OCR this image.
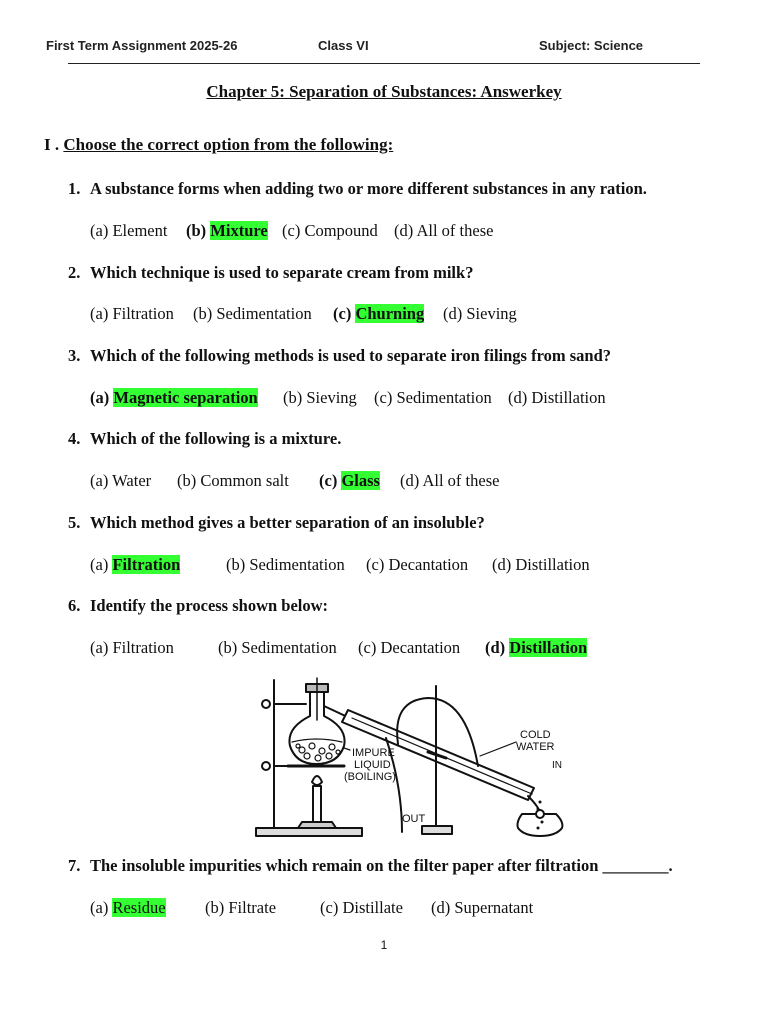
First Term Assignment 2025-26	Class VI	Subject: Science
Chapter 5: Separation of Substances: Answerkey
I . Choose the correct option from the following:
1. A substance forms when adding two or more different substances in any ration.
(a) Element (b) Mixture (c) Compound (d) All of these
2. Which technique is used to separate cream from milk?
(a) Filtration (b) Sedimentation (c) Churning (d) Sieving
3. Which of the following methods is used to separate iron filings from sand?
(a) Magnetic separation (b) Sieving (c) Sedimentation (d) Distillation
4. Which of the following is a mixture.
(a) Water (b) Common salt (c) Glass (d) All of these
5. Which method gives a better separation of an insoluble?
(a) Filtration	(b) Sedimentation (c) Decantation (d) Distillation
6. Identify the process shown below:
(a) Filtration	(b) Sedimentation (c) Decantation (d) Distillation
IMPURE
LIQUID
(BOILING)
COLD
WATER
IN
OUT
7. The insoluble impurities which remain on the filter paper after filtration ________.
(a) Residue (b) Filtrate	(c) Distillate (d) Supernatant
1
